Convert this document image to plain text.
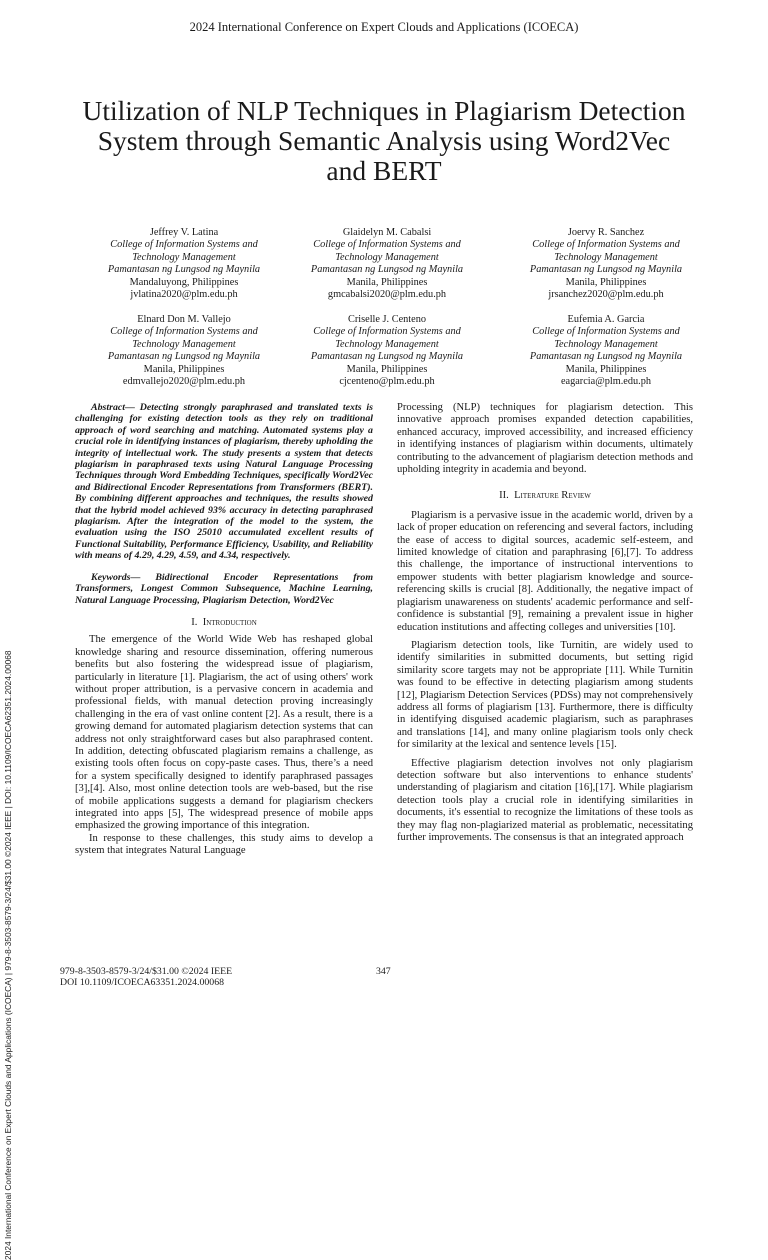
2024 International Conference on Expert Clouds and Applications (ICOECA)
Utilization of NLP Techniques in Plagiarism Detection System through Semantic Analysis using Word2Vec and BERT
2024 International Conference on Expert Clouds and Applications (ICOECA) | 979-8-3503-8579-3/24/$31.00 ©2024 IEEE | DOI: 10.1109/ICOECA62351.2024.00068
Jeffrey V. Latina
College of Information Systems and
Technology Management
Pamantasan ng Lungsod ng Maynila
Mandaluyong, Philippines
jvlatina2020@plm.edu.ph
Glaidelyn M. Cabalsi
College of Information Systems and
Technology Management
Pamantasan ng Lungsod ng Maynila
Manila, Philippines
gmcabalsi2020@plm.edu.ph
Joervy R. Sanchez
College of Information Systems and
Technology Management
Pamantasan ng Lungsod ng Maynila
Manila, Philippines
jrsanchez2020@plm.edu.ph
Elnard Don M. Vallejo
College of Information Systems and
Technology Management
Pamantasan ng Lungsod ng Maynila
Manila, Philippines
edmvallejo2020@plm.edu.ph
Criselle J. Centeno
College of Information Systems and
Technology Management
Pamantasan ng Lungsod ng Maynila
Manila, Philippines
cjcenteno@plm.edu.ph
Eufemia A. Garcia
College of Information Systems and
Technology Management
Pamantasan ng Lungsod ng Maynila
Manila, Philippines
eagarcia@plm.edu.ph

Abstract— Detecting strongly paraphrased and translated texts is challenging for existing detection tools as they rely on traditional approach of word searching and matching. Automated systems play a crucial role in identifying instances of plagiarism, thereby upholding the integrity of intellectual work. The study presents a system that detects plagiarism in paraphrased texts using Natural Language Processing Techniques through Word Embedding Techniques, specifically Word2Vec and Bidirectional Encoder Representations from Transformers (BERT). By combining different approaches and techniques, the results showed that the hybrid model achieved 93% accuracy in detecting paraphrased plagiarism. After the integration of the model to the system, the evaluation using the ISO 25010 accumulated excellent results of Functional Suitability, Performance Efficiency, Usability, and Reliability with means of 4.29, 4.29, 4.59, and 4.34, respectively.

Keywords— Bidirectional Encoder Representations from Transformers, Longest Common Subsequence, Machine Learning, Natural Language Processing, Plagiarism Detection, Word2Vec

I. Introduction

The emergence of the World Wide Web has reshaped global knowledge sharing and resource dissemination, offering numerous benefits but also fostering the widespread issue of plagiarism, particularly in literature [1]. Plagiarism, the act of using others' work without proper attribution, is a pervasive concern in academia and professional fields, with manual detection proving increasingly challenging in the era of vast online content [2]. As a result, there is a growing demand for automated plagiarism detection systems that can address not only straightforward cases but also paraphrased content. In addition, detecting obfuscated plagiarism remains a challenge, as existing tools often focus on copy-paste cases. Thus, there’s a need for a system specifically designed to identify paraphrased passages [3],[4]. Also, most online detection tools are web-based, but the rise of mobile applications suggests a demand for plagiarism checkers integrated into apps [5], The widespread presence of mobile apps emphasized the growing importance of this integration.

In response to these challenges, this study aims to develop a system that integrates Natural Language

Processing (NLP) techniques for plagiarism detection. This innovative approach promises expanded detection capabilities, enhanced accuracy, improved accessibility, and increased efficiency in identifying instances of plagiarism within documents, ultimately contributing to the advancement of plagiarism detection methods and upholding integrity in academia and beyond.

II. Literature Review

Plagiarism is a pervasive issue in the academic world, driven by a lack of proper education on referencing and several factors, including the ease of access to digital sources, academic self-esteem, and limited knowledge of citation and paraphrasing [6],[7]. To address this challenge, the importance of instructional interventions to empower students with better plagiarism knowledge and source-referencing skills is crucial [8]. Additionally, the negative impact of plagiarism unawareness on students' academic performance and self-confidence is substantial [9], remaining a prevalent issue in higher education institutions and affecting colleges and universities [10].

Plagiarism detection tools, like Turnitin, are widely used to identify similarities in submitted documents, but setting rigid similarity score targets may not be appropriate [11]. While Turnitin was found to be effective in detecting plagiarism among students [12], Plagiarism Detection Services (PDSs) may not comprehensively address all forms of plagiarism [13]. Furthermore, there is difficulty in identifying disguised academic plagiarism, such as paraphrases and translations [14], and many online plagiarism tools only check for similarity at the lexical and sentence levels [15].

Effective plagiarism detection involves not only plagiarism detection software but also interventions to enhance students' understanding of plagiarism and citation [16],[17]. While plagiarism detection tools play a crucial role in identifying similarities in documents, it's essential to recognize the limitations of these tools as they may flag non-plagiarized material as problematic, necessitating further improvements. The consensus is that an integrated approach

979-8-3503-8579-3/24/$31.00 ©2024 IEEE
DOI 10.1109/ICOECA63351.2024.00068
347
